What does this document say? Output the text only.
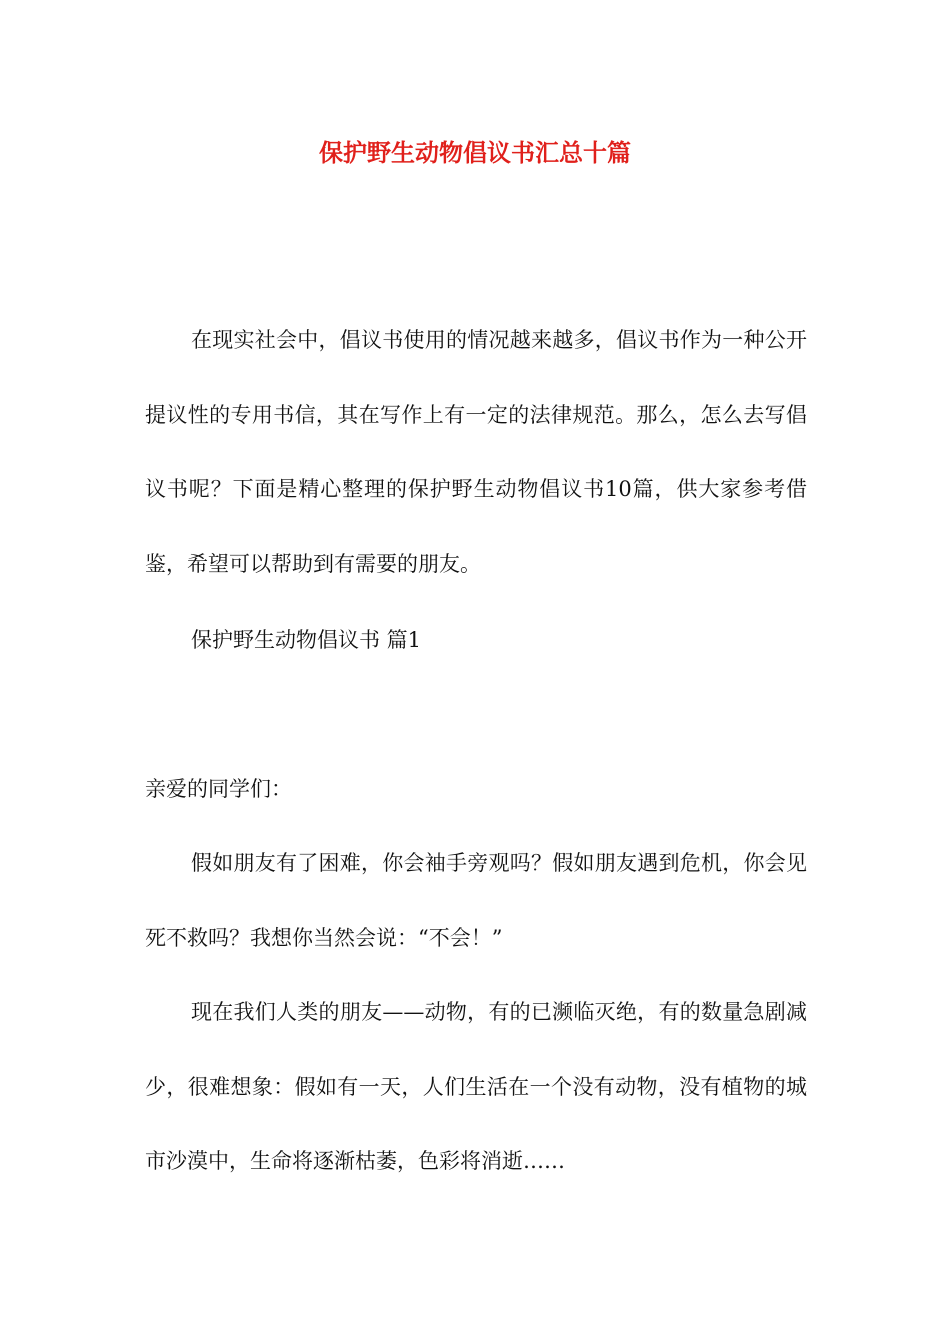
保护野生动物倡议书汇总十篇

在现实社会中，倡议书使用的情况越来越多，倡议书作为一种公开提议性的专用书信，其在写作上有一定的法律规范。那么，怎么去写倡议书呢？下面是精心整理的保护野生动物倡议书10篇，供大家参考借鉴，希望可以帮助到有需要的朋友。

保护野生动物倡议书 篇1

亲爱的同学们：

假如朋友有了困难，你会袖手旁观吗？假如朋友遇到危机，你会见死不救吗？我想你当然会说：“不会！”

现在我们人类的朋友——动物，有的已濒临灭绝，有的数量急剧减少，很难想象：假如有一天，人们生活在一个没有动物，没有植物的城市沙漠中，生命将逐渐枯萎，色彩将消逝……
